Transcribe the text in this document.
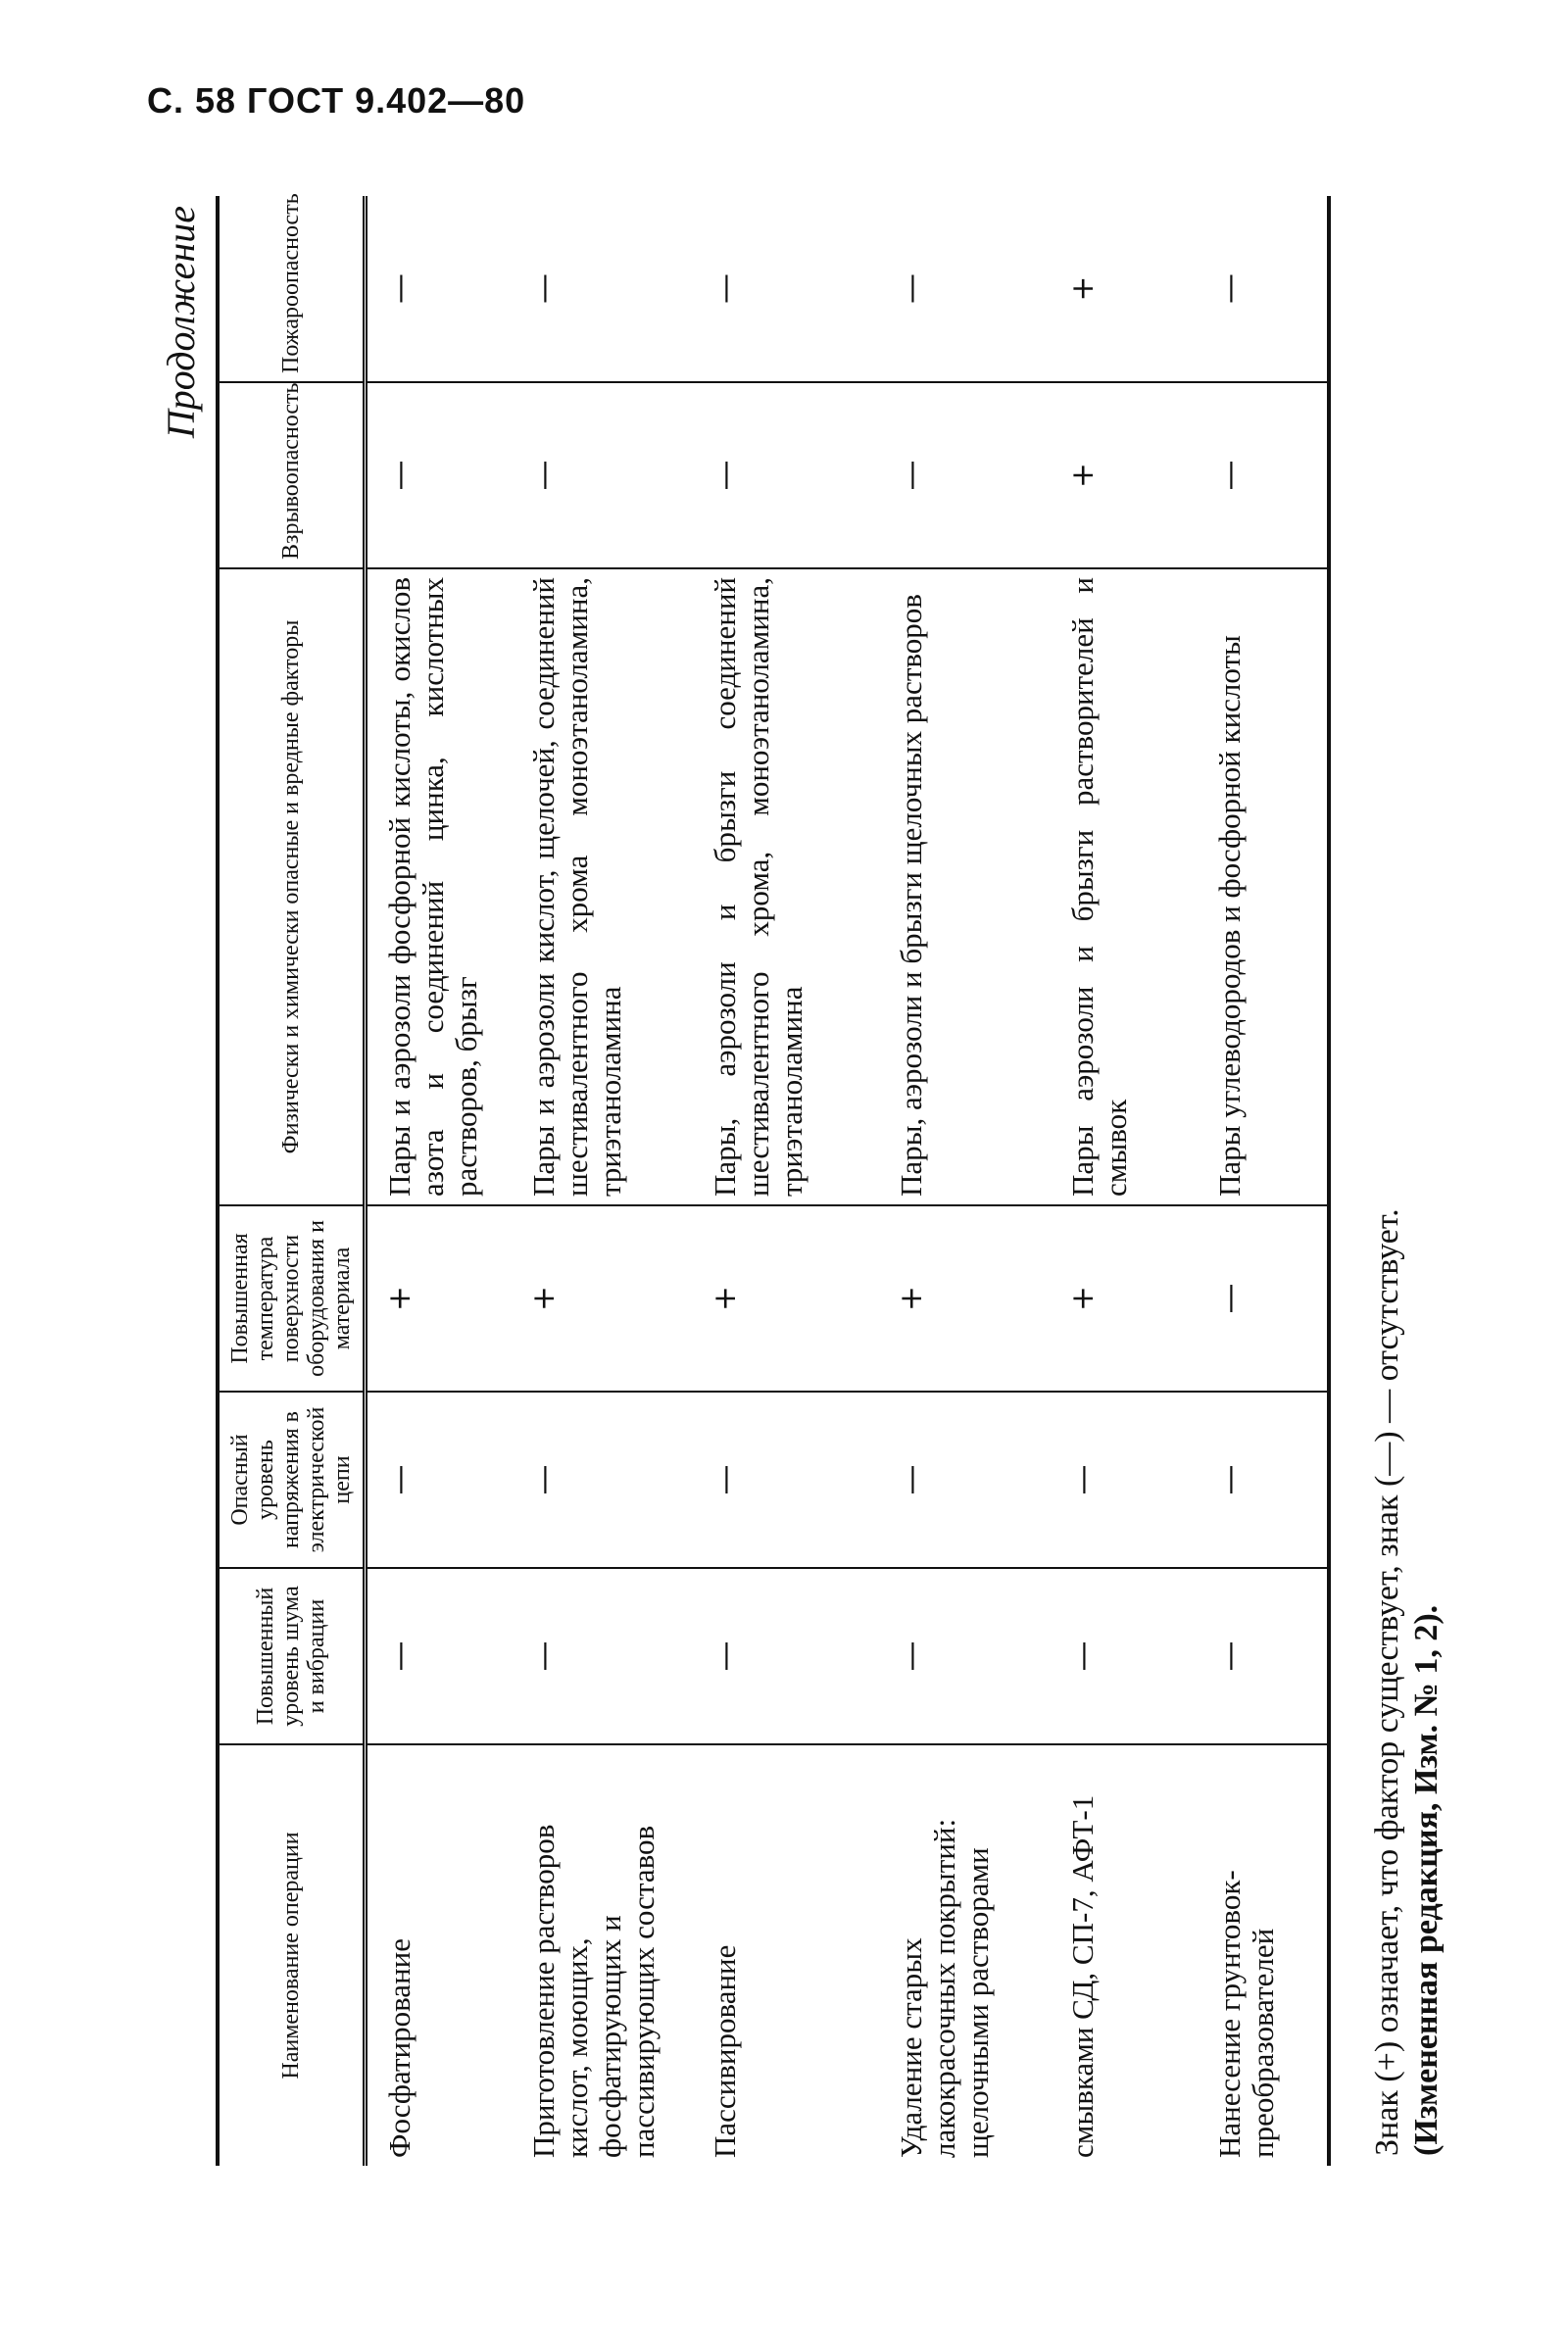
С. 58 ГОСТ 9.402—80
Продолжение
Наименование операции	Повышенный уровень шума и вибрации	Опасный уровень напряжения в электрической цепи	Повышенная температура поверхности оборудования и материала	Физически и химически опасные и вредные факторы	Взрывоопасность	Пожароопасность
Фосфатирование	—	—	+	Пары и аэрозоли фосфорной кислоты, окислов азота и соединений цинка, кислотных растворов, брызг	—	—
Приготовление растворов кислот, моющих, фосфатирующих и пассивирующих составов	—	—	+	Пары и аэрозоли кислот, щелочей, соединений шестивалентного хрома моноэтаноламина, триэтаноламина	—	—
Пассивирование	—	—	+	Пары, аэрозоли и брызги соединений шестивалентного хрома, моноэтаноламина, триэтаноламина	—	—
Удаление старых лакокрасочных покрытий: щелочными растворами	—	—	+	Пары, аэрозоли и брызги щелочных растворов	—	—
смывками СД, СП-7, АФТ-1	—	—	+	Пары аэрозоли и брызги растворителей и смывок	+	+
Нанесение грунтовок-преобразователей	—	—	—	Пары углеводородов и фосфорной кислоты	—	—
Знак (+) означает, что фактор существует, знак (—) — отсутствует. (Измененная редакция, Изм. № 1, 2).
